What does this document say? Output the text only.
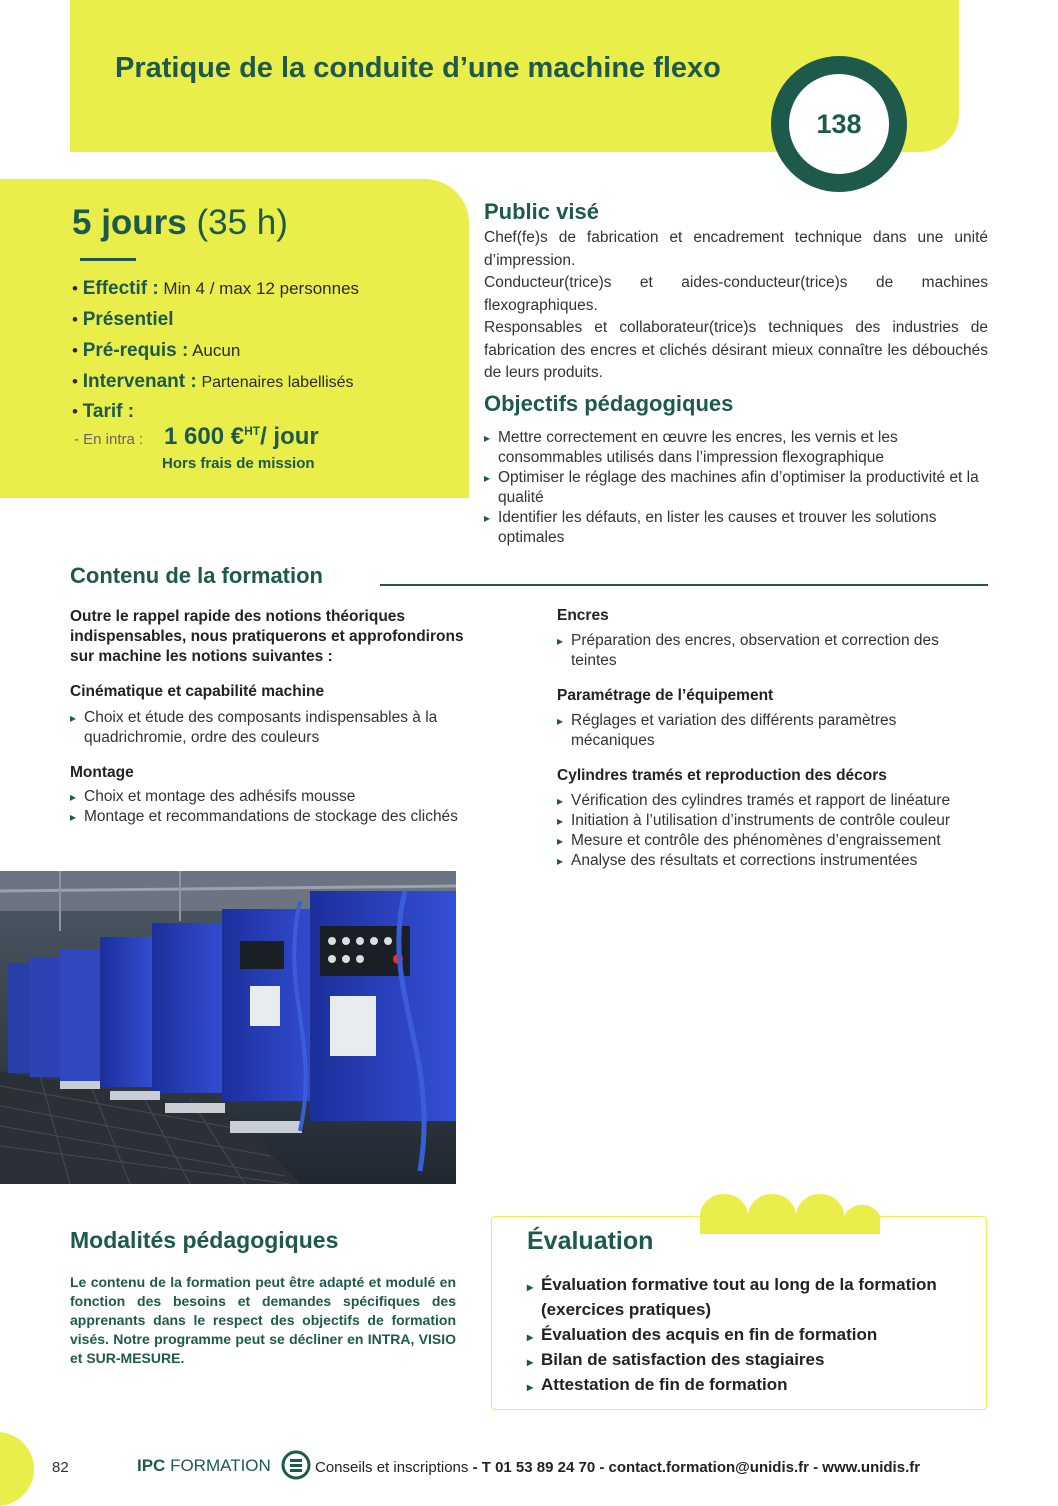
Pratique de la conduite d’une machine flexo
138
5 jours (35 h)
• Effectif : Min 4 / max 12 personnes
• Présentiel
• Pré-requis : Aucun
• Intervenant : Partenaires labellisés
• Tarif :
- En intra : 1 600 €$^{HT}$/ jour
Hors frais de mission
Public visé
Chef(fe)s de fabrication et encadrement technique dans une unité d’impression.
Conducteur(trice)s et aides-conducteur(trice)s de machines flexographiques.
Responsables et collaborateur(trice)s techniques des industries de fabrication des encres et clichés désirant mieux connaître les débouchés de leurs produits.
Objectifs pédagogiques
▸ Mettre correctement en œuvre les encres, les vernis et les consommables utilisés dans l’impression flexographique
▸ Optimiser le réglage des machines afin d’optimiser la productivité et la qualité
▸ Identifier les défauts, en lister les causes et trouver les solutions optimales
Contenu de la formation
Outre le rappel rapide des notions théoriques indispensables, nous pratiquerons et approfondirons sur machine les notions suivantes :
Cinématique et capabilité machine
▸ Choix et étude des composants indispensables à la quadrichromie, ordre des couleurs
Montage
▸ Choix et montage des adhésifs mousse
▸ Montage et recommandations de stockage des clichés
Encres
▸ Préparation des encres, observation et correction des teintes
Paramétrage de l’équipement
▸ Réglages et variation des différents paramètres mécaniques
Cylindres tramés et reproduction des décors
▸ Vérification des cylindres tramés et rapport de linéature
▸ Initiation à l’utilisation d’instruments de contrôle couleur
▸ Mesure et contrôle des phénomènes d’engraissement
▸ Analyse des résultats et corrections instrumentées
Modalités pédagogiques
Le contenu de la formation peut être adapté et modulé en fonction des besoins et demandes spécifiques des apprenants dans le respect des objectifs de formation visés. Notre programme peut se décliner en INTRA, VISIO et SUR-MESURE.
Évaluation
▸ Évaluation formative tout au long de la formation (exercices pratiques)
▸ Évaluation des acquis en fin de formation
▸ Bilan de satisfaction des stagiaires
▸ Attestation de fin de formation
82	IPC FORMATION	Conseils et inscriptions - T 01 53 89 24 70 - contact.formation@unidis.fr - www.unidis.fr
